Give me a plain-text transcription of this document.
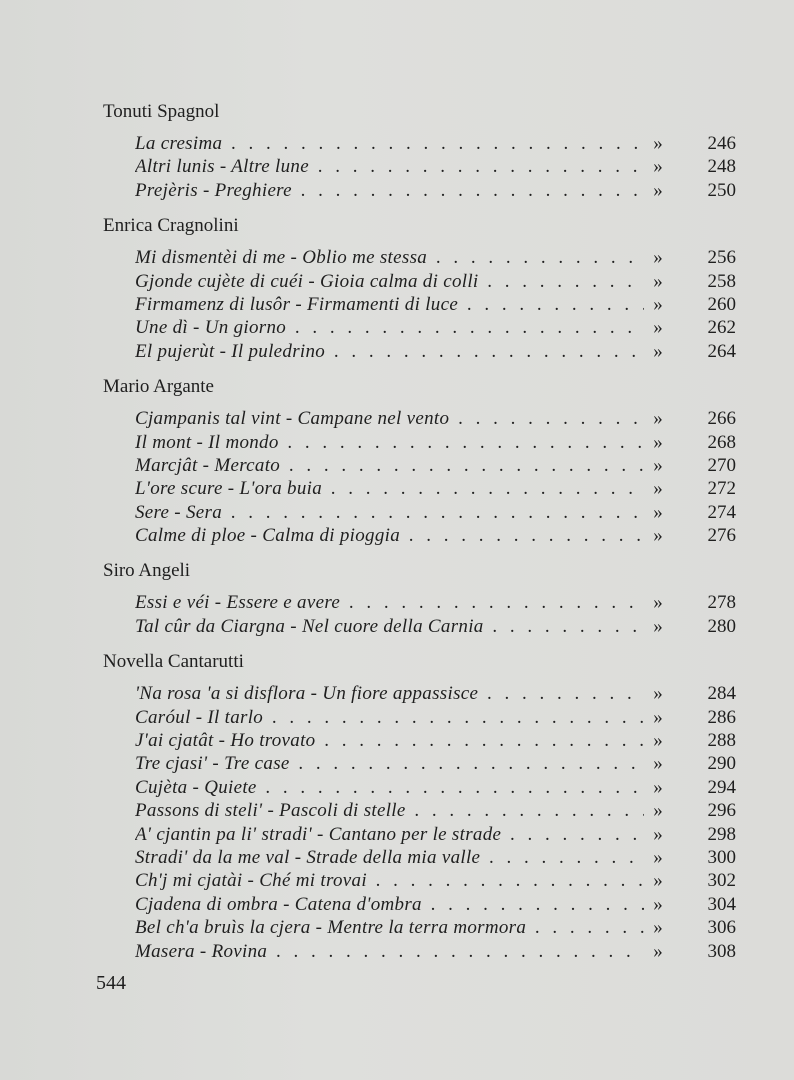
Tonuti Spagnol
La cresima . .	»	246
Altri lunis - Altre lune . .	»	248
Prejèris - Preghiere . .	»	250
Enrica Cragnolini
Mi dismentèi di me - Oblio me stessa . .	»	256
Gjonde cujète di cuéi - Gioia calma di colli . .	»	258
Firmamenz di lusôr - Firmamenti di luce . .	»	260
Une dì - Un giorno . .	»	262
El pujerùt - Il puledrino . .	»	264
Mario Argante
Cjampanis tal vint - Campane nel vento . .	»	266
Il mont - Il mondo . .	»	268
Marcjât - Mercato . .	»	270
L'ore scure - L'ora buia . .	»	272
Sere - Sera . .	»	274
Calme di ploe - Calma di pioggia . .	»	276
Siro Angeli
Essi e véi - Essere e avere . .	»	278
Tal cûr da Ciargna - Nel cuore della Carnia . .	»	280
Novella Cantarutti
'Na rosa 'a si disflora - Un fiore appassisce . .	»	284
Caróul - Il tarlo . .	»	286
J'ai cjatât - Ho trovato . .	»	288
Tre cjasi' - Tre case . .	»	290
Cujèta - Quiete . .	»	294
Passons di steli' - Pascoli di stelle . .	»	296
A' cjantin pa li' stradi' - Cantano per le strade . .	»	298
Stradi' da la me val - Strade della mia valle . .	»	300
Ch'j mi cjatài - Ché mi trovai . .	»	302
Cjadena di ombra - Catena d'ombra . .	»	304
Bel ch'a bruìs la cjera - Mentre la terra mormora . .	»	306
Masera - Rovina . .	»	308
544
